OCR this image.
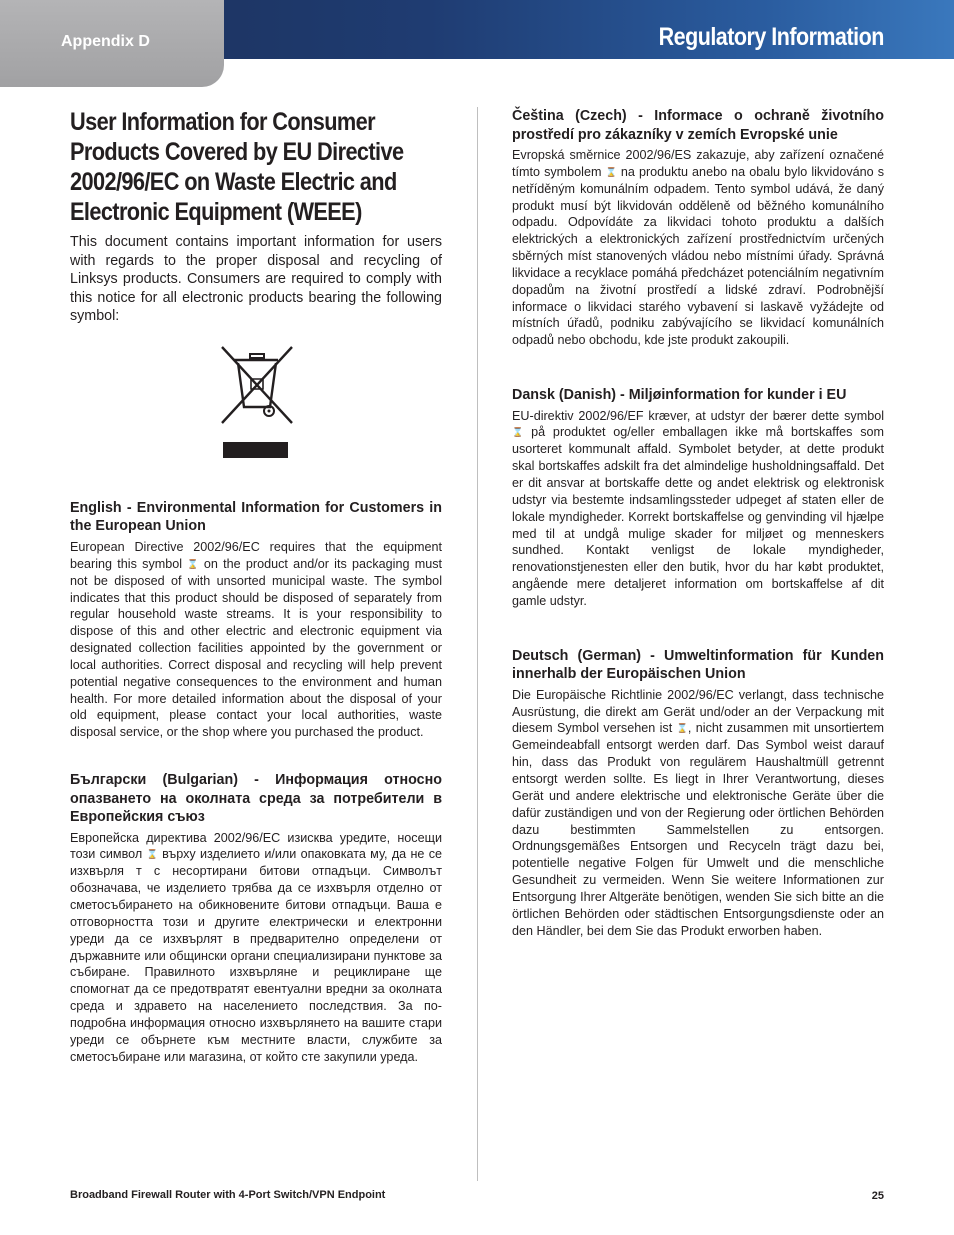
Appendix D	Regulatory Information
User Information for Consumer Products Covered by EU Directive 2002/96/EC on Waste Electric and Electronic Equipment (WEEE)

This document contains important information for users with regards to the proper disposal and recycling of Linksys products. Consumers are required to comply with this notice for all electronic products bearing the following symbol:

English - Environmental Information for Customers in the European Union

European Directive 2002/96/EC requires that the equipment bearing this symbol ⌛ on the product and/or its packaging must not be disposed of with unsorted municipal waste. The symbol indicates that this product should be disposed of separately from regular household waste streams. It is your responsibility to dispose of this and other electric and electronic equipment via designated collection facilities appointed by the government or local authorities. Correct disposal and recycling will help prevent potential negative consequences to the environment and human health. For more detailed information about the disposal of your old equipment, please contact your local authorities, waste disposal service, or the shop where you purchased the product.

Български (Bulgarian) - Информация относно опазването на околната среда за потребители в Европейския съюз

Европейска директива 2002/96/EC изисква уредите, носещи този символ ⌛ върху изделието и/или опаковката му, да не се изхвърля т с несортирани битови отпадъци. Символът обозначава, че изделието трябва да се изхвърля отделно от сметосъбирането на обикновените битови отпадъци. Ваша е отговорността този и другите електрически и електронни уреди да се изхвърлят в предварително определени от държавните или общински органи специализирани пунктове за събиране. Правилното изхвърляне и рециклиране ще спомогнат да се предотвратят евентуални вредни за околната среда и здравето на населението последствия. За по-подробна информация относно изхвърлянето на вашите стари уреди се обърнете към местните власти, службите за сметосъбиране или магазина, от който сте закупили уреда.

Čeština (Czech) - Informace o ochraně životního prostředí pro zákazníky v zemích Evropské unie

Evropská směrnice 2002/96/ES zakazuje, aby zařízení označené tímto symbolem ⌛ na produktu anebo na obalu bylo likvidováno s netříděným komunálním odpadem. Tento symbol udává, že daný produkt musí být likvidován odděleně od běžného komunálního odpadu. Odpovídáte za likvidaci tohoto produktu a dalších elektrických a elektronických zařízení prostřednictvím určených sběrných míst stanovených vládou nebo místními úřady. Správná likvidace a recyklace pomáhá předcházet potenciálním negativním dopadům na životní prostředí a lidské zdraví. Podrobnější informace o likvidaci starého vybavení si laskavě vyžádejte od místních úřadů, podniku zabývajícího se likvidací komunálních odpadů nebo obchodu, kde jste produkt zakoupili.

Dansk (Danish) - Miljøinformation for kunder i EU

EU-direktiv 2002/96/EF kræver, at udstyr der bærer dette symbol ⌛ på produktet og/eller emballagen ikke må bortskaffes som usorteret kommunalt affald. Symbolet betyder, at dette produkt skal bortskaffes adskilt fra det almindelige husholdningsaffald. Det er dit ansvar at bortskaffe dette og andet elektrisk og elektronisk udstyr via bestemte indsamlingssteder udpeget af staten eller de lokale myndigheder. Korrekt bortskaffelse og genvinding vil hjælpe med til at undgå mulige skader for miljøet og menneskers sundhed. Kontakt venligst de lokale myndigheder, renovationstjenesten eller den butik, hvor du har købt produktet, angående mere detaljeret information om bortskaffelse af dit gamle udstyr.

Deutsch (German) - Umweltinformation für Kunden innerhalb der Europäischen Union

Die Europäische Richtlinie 2002/96/EC verlangt, dass technische Ausrüstung, die direkt am Gerät und/oder an der Verpackung mit diesem Symbol versehen ist ⌛, nicht zusammen mit unsortiertem Gemeindeabfall entsorgt werden darf. Das Symbol weist darauf hin, dass das Produkt von regulärem Haushaltmüll getrennt entsorgt werden sollte. Es liegt in Ihrer Verantwortung, dieses Gerät und andere elektrische und elektronische Geräte über die dafür zuständigen und von der Regierung oder örtlichen Behörden dazu bestimmten Sammelstellen zu entsorgen. Ordnungsgemäßes Entsorgen und Recyceln trägt dazu bei, potentielle negative Folgen für Umwelt und die menschliche Gesundheit zu vermeiden. Wenn Sie weitere Informationen zur Entsorgung Ihrer Altgeräte benötigen, wenden Sie sich bitte an die örtlichen Behörden oder städtischen Entsorgungsdienste oder an den Händler, bei dem Sie das Produkt erworben haben.

Broadband Firewall Router with 4-Port Switch/VPN Endpoint	25
